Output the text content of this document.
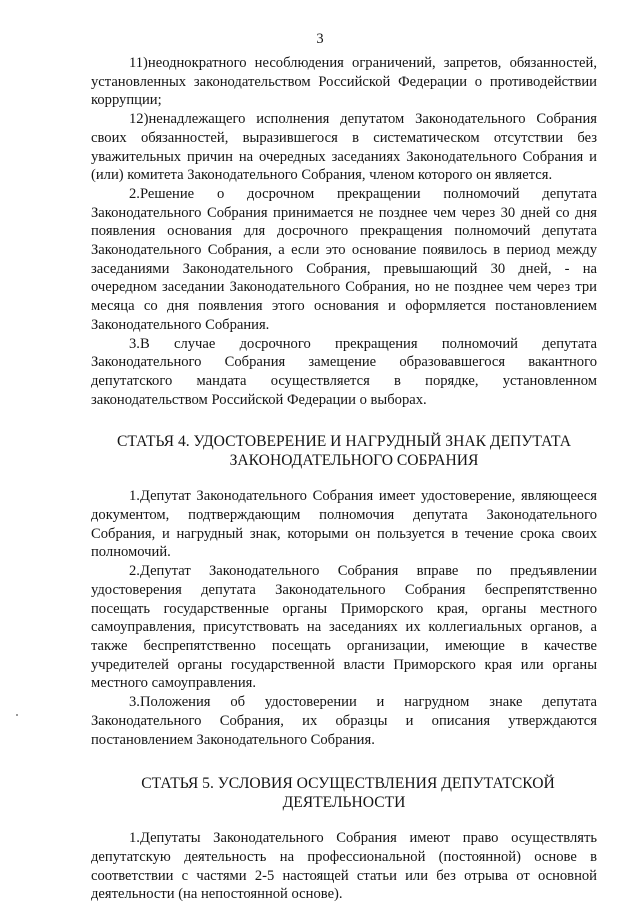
3

11)неоднократного несоблюдения ограничений, запретов, обязанностей, установленных законодательством Российской Федерации о противодействии коррупции;

12)ненадлежащего исполнения депутатом Законодательного Собрания своих обязанностей, выразившегося в систематическом отсутствии без уважительных причин на очередных заседаниях Законодательного Собрания и (или) комитета Законодательного Собрания, членом которого он является.

2.Решение о досрочном прекращении полномочий депутата Законодательного Собрания принимается не позднее чем через 30 дней со дня появления основания для досрочного прекращения полномочий депутата Законодательного Собрания, а если это основание появилось в период между заседаниями Законодательного Собрания, превышающий 30 дней, - на очередном заседании Законодательного Собрания, но не позднее чем через три месяца со дня появления этого основания и оформляется постановлением Законодательного Собрания.

3.В случае досрочного прекращения полномочий депутата Законодательного Собрания замещение образовавшегося вакантного депутатского мандата осуществляется в порядке, установленном законодательством Российской Федерации о выборах.

СТАТЬЯ 4. УДОСТОВЕРЕНИЕ И НАГРУДНЫЙ ЗНАК ДЕПУТАТА
ЗАКОНОДАТЕЛЬНОГО СОБРАНИЯ

1.Депутат Законодательного Собрания имеет удостоверение, являющееся документом, подтверждающим полномочия депутата Законодательного Собрания, и нагрудный знак, которыми он пользуется в течение срока своих полномочий.

2.Депутат Законодательного Собрания вправе по предъявлении удостоверения депутата Законодательного Собрания беспрепятственно посещать государственные органы Приморского края, органы местного самоуправления, присутствовать на заседаниях их коллегиальных органов, а также беспрепятственно посещать организации, имеющие в качестве учредителей органы государственной власти Приморского края или органы местного самоуправления.

3.Положения об удостоверении и нагрудном знаке депутата Законодательного Собрания, их образцы и описания утверждаются постановлением Законодательного Собрания.

СТАТЬЯ 5. УСЛОВИЯ ОСУЩЕСТВЛЕНИЯ ДЕПУТАТСКОЙ
ДЕЯТЕЛЬНОСТИ

1.Депутаты Законодательного Собрания имеют право осуществлять депутатскую деятельность на профессиональной (постоянной) основе в соответствии с частями 2-5 настоящей статьи или без отрыва от основной деятельности (на непостоянной основе).
